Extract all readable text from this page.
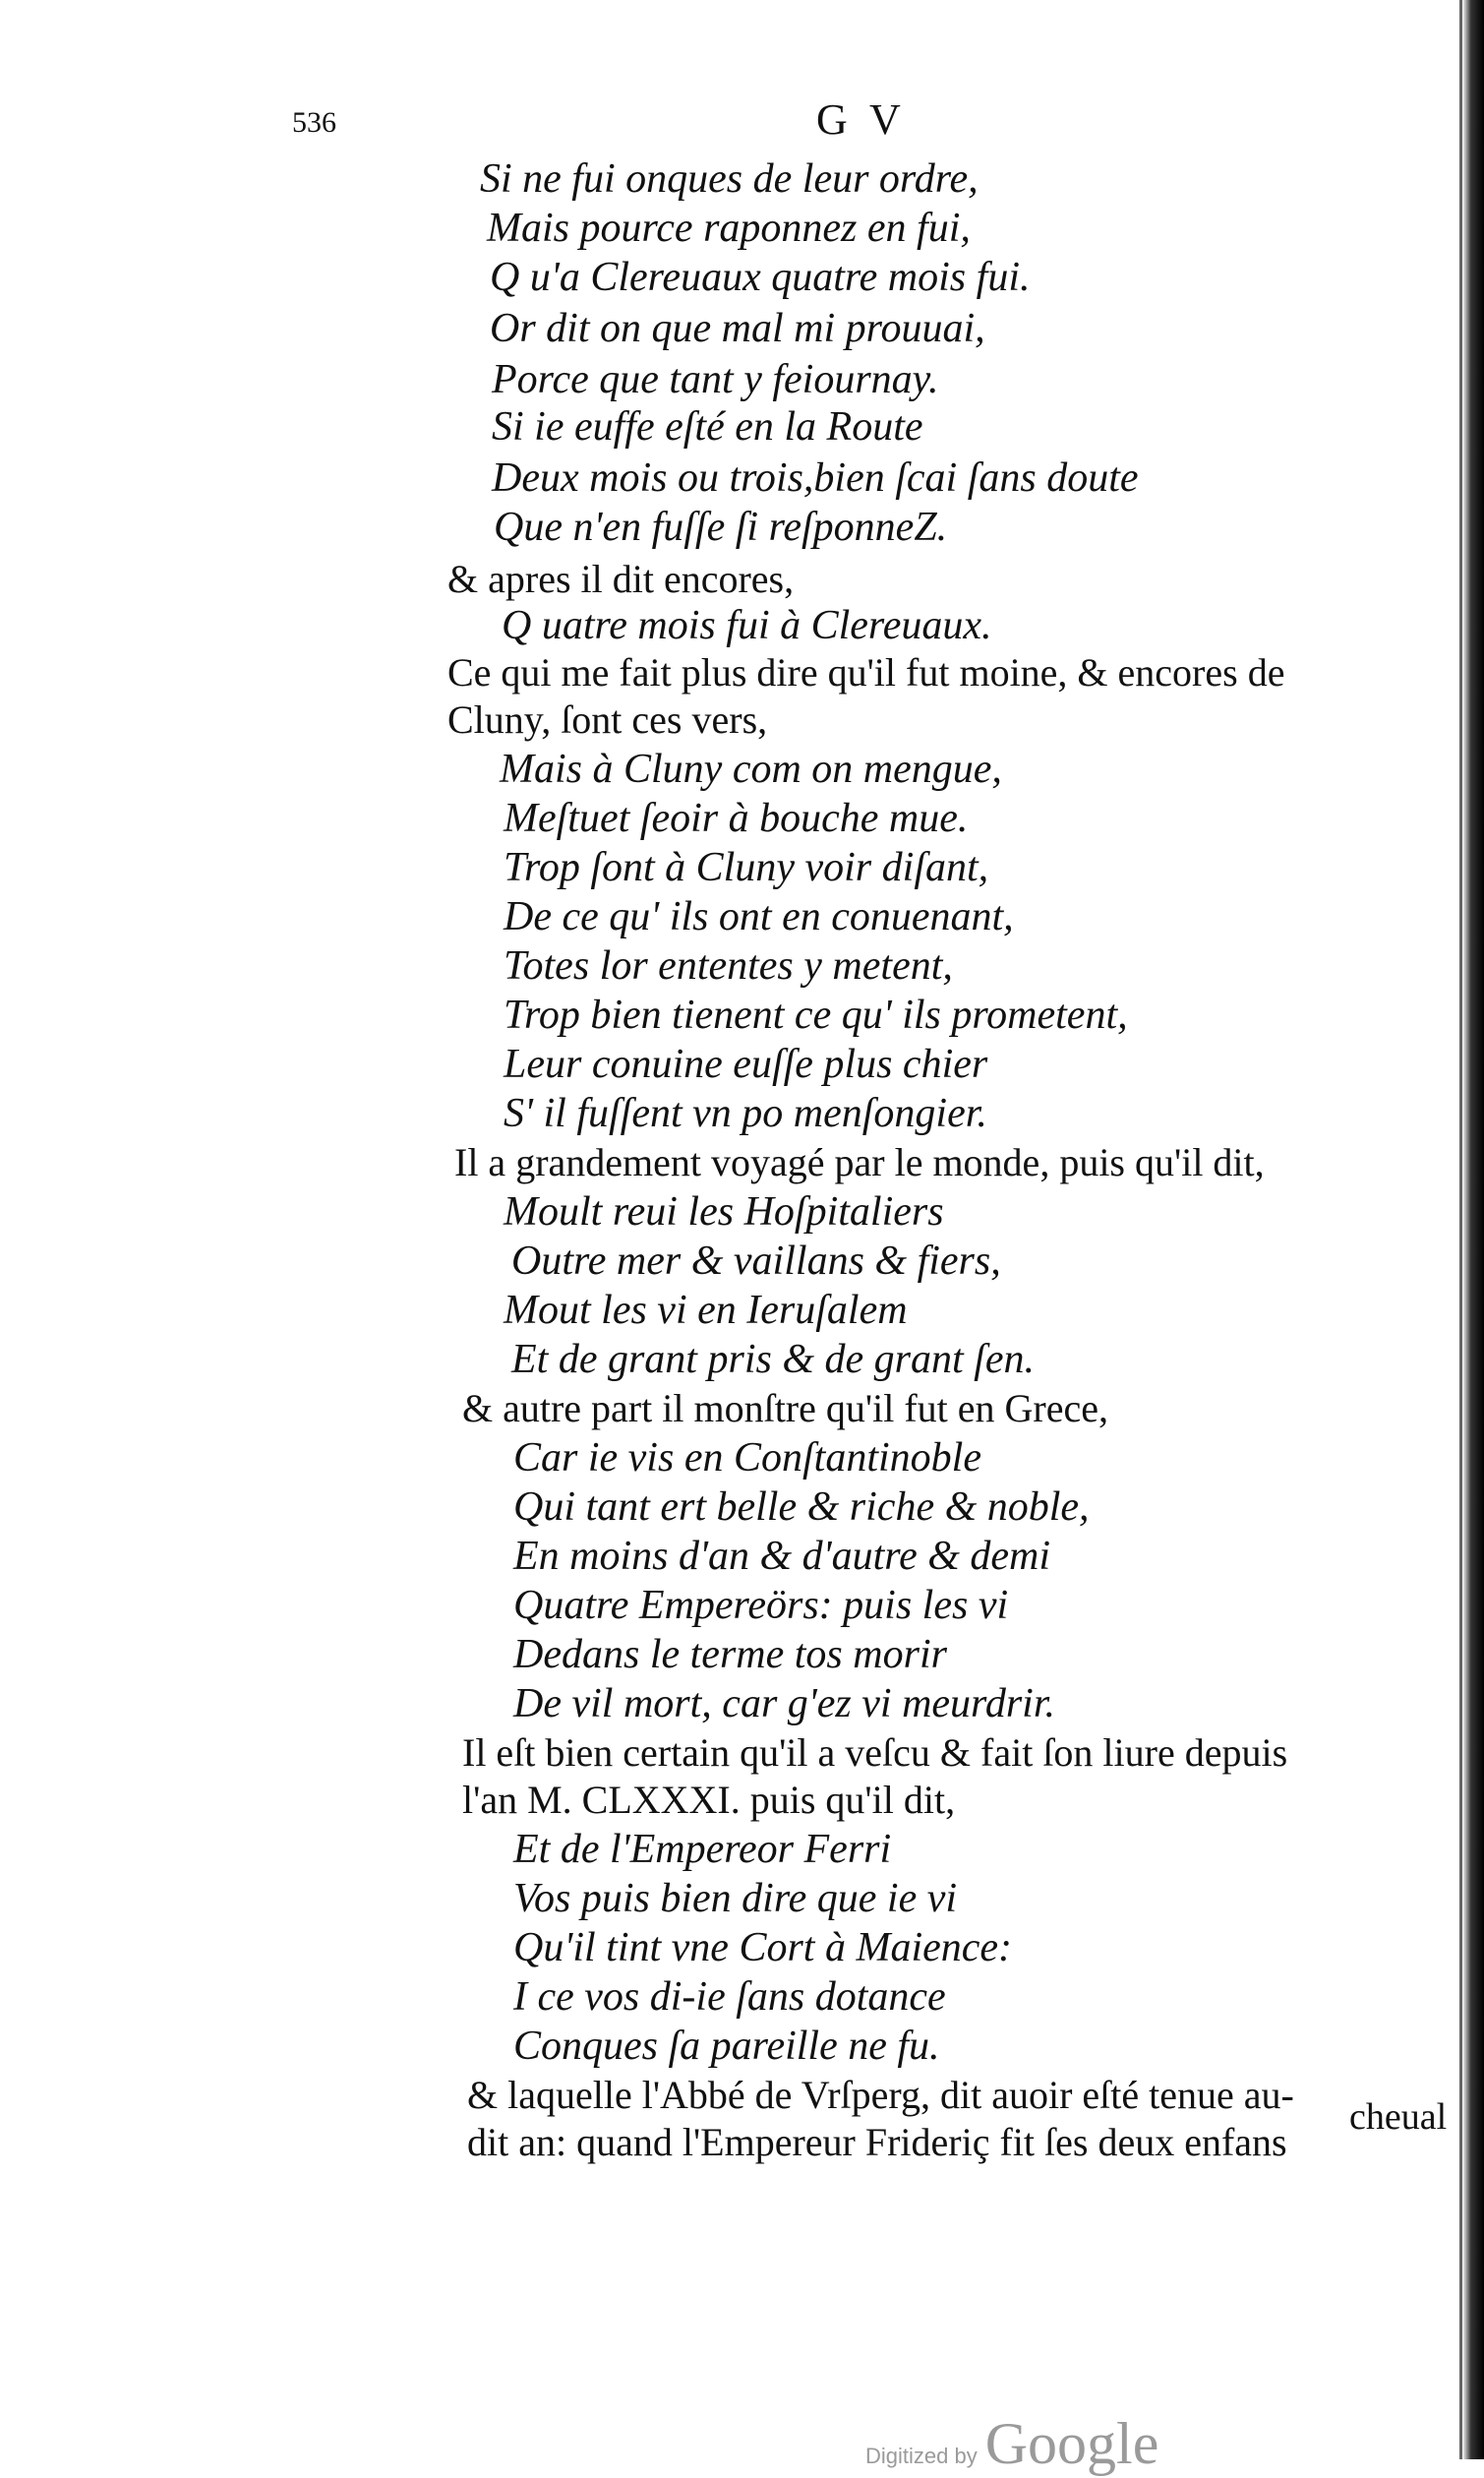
536	G V
Si ne fui onques de leur ordre,
Mais pource raponnez en fui,
Q u'a Clereuaux quatre mois fui.
Or dit on que mal mi prouuai,
Porce que tant y feiournay.
Si ie euffe eſté en la Route
Deux mois ou trois,bien ſcai ſans doute
Que n'en fuſſe ſi reſponneZ.
& apres il dit encores,
Q uatre mois fui à Clereuaux.
Ce qui me fait plus dire qu'il fut moine, & encores de
Cluny, ſont ces vers,
Mais à Cluny com on mengue,
Meſtuet ſeoir à bouche mue.
Trop ſont à Cluny voir diſant,
De ce qu' ils ont en conuenant,
Totes lor ententes y metent,
Trop bien tienent ce qu' ils prometent,
Leur conuine euſſe plus chier
S' il fuſſent vn po menſongier.
Il a grandement voyagé par le monde, puis qu'il dit,
Moult reui les Hoſpitaliers
Outre mer & vaillans & fiers,
Mout les vi en Ieruſalem
Et de grant pris & de grant ſen.
& autre part il monſtre qu'il fut en Grece,
Car ie vis en Conſtantinoble
Qui tant ert belle & riche & noble,
En moins d'an & d'autre & demi
Quatre Empereörs: puis les vi
Dedans le terme tos morir
De vil mort, car g'ez vi meurdrir.
Il eſt bien certain qu'il a veſcu & fait ſon liure depuis
l'an M. CLXXXI. puis qu'il dit,
Et de l'Empereor Ferri
Vos puis bien dire que ie vi
Qu'il tint vne Cort à Maience:
I ce vos di-ie ſans dotance
Conques ſa pareille ne fu.
& laquelle l'Abbé de Vrſperg, dit auoir eſté tenue au-
dit an: quand l'Empereur Frideriç fit ſes deux enfans
cheual
Digitized by Google
